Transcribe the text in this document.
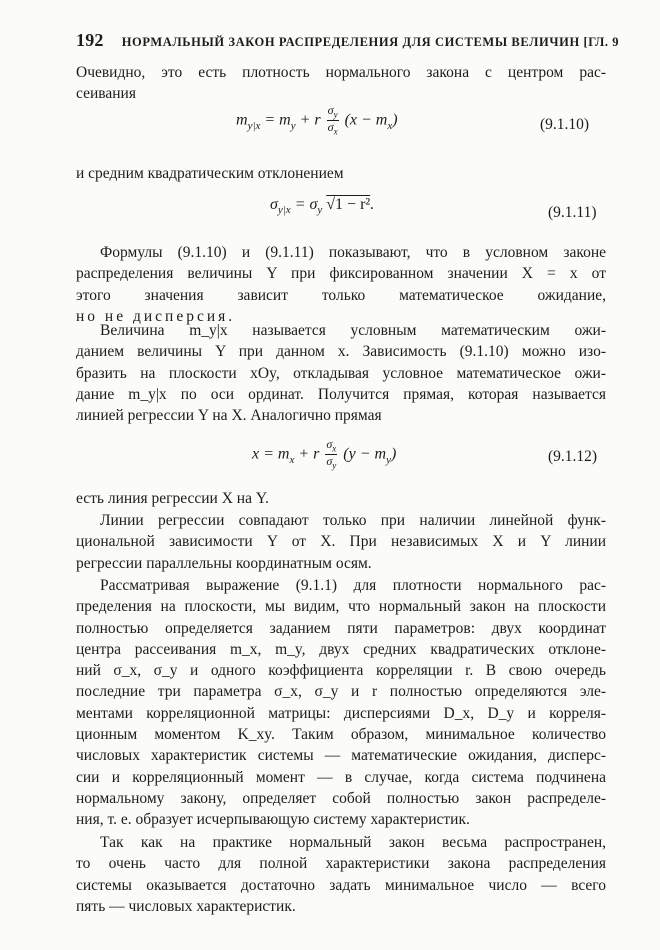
192 НОРМАЛЬНЫЙ ЗАКОН РАСПРЕДЕЛЕНИЯ ДЛЯ СИСТЕМЫ ВЕЛИЧИН [ГЛ. 9
Очевидно, это есть плотность нормального закона с центром рас-
сеивания
$m_{y|x} = m_y + r \frac{\sigma_y}{\sigma_x} (x - m_x)$	(9.1.10)
и средним квадратическим отклонением
$\sigma_{y|x} = \sigma_y$ √1 − r².	(9.1.11)
Формулы (9.1.10) и (9.1.11) показывают, что в условном законе
распределения величины Y при фиксированном значении X = x от
этого значения зависит только математическое ожидание,
но не дисперсия.
Величина m_y|x называется условным математическим ожи-
данием величины Y при данном x. Зависимость (9.1.10) можно изо-
бразить на плоскости xOy, откладывая условное математическое ожи-
дание m_y|x по оси ординат. Получится прямая, которая называется
линией регрессии Y на X. Аналогично прямая
$x = m_x + r \frac{\sigma_x}{\sigma_y} (y - m_y)$	(9.1.12)
есть линия регрессии X на Y.
Линии регрессии совпадают только при наличии линейной функ-
циональной зависимости Y от X. При независимых X и Y линии
регрессии параллельны координатным осям.
Рассматривая выражение (9.1.1) для плотности нормального рас-
пределения на плоскости, мы видим, что нормальный закон на плоскости
полностью определяется заданием пяти параметров: двух координат
центра рассеивания m_x, m_y, двух средних квадратических отклоне-
ний σ_x, σ_y и одного коэффициента корреляции r. В свою очередь
последние три параметра σ_x, σ_y и r полностью определяются эле-
ментами корреляционной матрицы: дисперсиями D_x, D_y и корреля-
ционным моментом K_xy. Таким образом, минимальное количество
числовых характеристик системы — математические ожидания, дисперс-
сии и корреляционный момент — в случае, когда система подчинена
нормальному закону, определяет собой полностью закон распределе-
ния, т. е. образует исчерпывающую систему характеристик.
Так как на практике нормальный закон весьма распространен,
то очень часто для полной характеристики закона распределения
системы оказывается достаточно задать минимальное число — всего
пять — числовых характеристик.
